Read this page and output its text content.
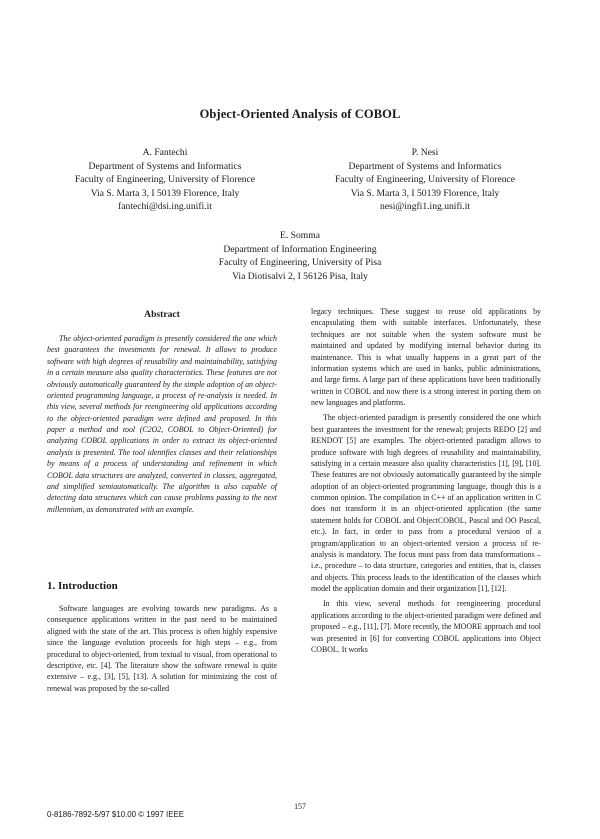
Object-Oriented Analysis of COBOL
A. Fantechi
Department of Systems and Informatics
Faculty of Engineering, University of Florence
Via S. Marta 3, I 50139 Florence, Italy
fantechi@dsi.ing.unifi.it
P. Nesi
Department of Systems and Informatics
Faculty of Engineering, University of Florence
Via S. Marta 3, I 50139 Florence, Italy
nesi@ingfi1.ing.unifi.it
E. Somma
Department of Information Engineering
Faculty of Engineering, University of Pisa
Via Diotisalvi 2, I 56126 Pisa, Italy
Abstract

The object-oriented paradigm is presently considered the one which best guarantees the investments for renewal. It allows to produce software with high degrees of reusability and maintainability, satisfying in a certain measure also quality characteristics. These features are not obviously automatically guaranteed by the simple adoption of an object-oriented programming language, a process of re-analysis is needed. In this view, several methods for reengineering old applications according to the object-oriented paradigm were defined and proposed. In this paper a method and tool (C2O2, COBOL to Object-Oriented) for analyzing COBOL applications in order to extract its object-oriented analysis is presented. The tool identifies classes and their relationships by means of a process of understanding and refinement in which COBOL data structures are analyzed, converted in classes, aggregated, and simplified semiautomatically. The algorithm is also capable of detecting data structures which can cause problems passing to the next millennium, as demonstrated with an example.

1. Introduction

Software languages are evolving towards new paradigms. As a consequence applications written in the past need to be maintained aligned with the state of the art. This process is often highly expensive since the language evolution proceeds for high steps – e.g., from procedural to object-oriented, from textual to visual, from operational to descriptive, etc. [4]. The literature show the software renewal is quite extensive – e.g., [3], [5], [13]. A solution for minimizing the cost of renewal was proposed by the so-called

legacy techniques. These suggest to reuse old applications by encapsulating them with suitable interfaces. Unfortunately, these techniques are not suitable when the system software must be maintained and updated by modifying internal behavior during its maintenance. This is what usually happens in a great part of the information systems which are used in banks, public administrations, and large firms. A large part of these applications have been traditionally written in COBOL and now there is a strong interest in porting them on new languages and platforms.

The object-oriented paradigm is presently considered the one which best guarantees the investment for the renewal; projects REDO [2] and RENDOT [5] are examples. The object-oriented paradigm allows to produce software with high degrees of reusability and maintainability, satisfying in a certain measure also quality characteristics [1], [9], [10]. These features are not obviously automatically guaranteed by the simple adoption of an object-oriented programming language, though this is a common opinion. The compilation in C++ of an application written in C does not transform it in an object-oriented application (the same statement holds for COBOL and ObjectCOBOL, Pascal and OO Pascal, etc.). In fact, in order to pass from a procedural version of a program/application to an object-oriented version a process of re-analysis is mandatory. The focus must pass from data transformations – i.e., procedure – to data structure, categories and entities, that is, classes and objects. This process leads to the identification of the classes which model the application domain and their organization [1], [12].

In this view, several methods for reengineering procedural applications according to the object-oriented paradigm were defined and proposed – e.g., [11], [7]. More recently, the MOORE approach and tool was presented in [6] for converting COBOL applications into Object COBOL. It works

157
0-8186-7892-5/97 $10.00 © 1997 IEEE
